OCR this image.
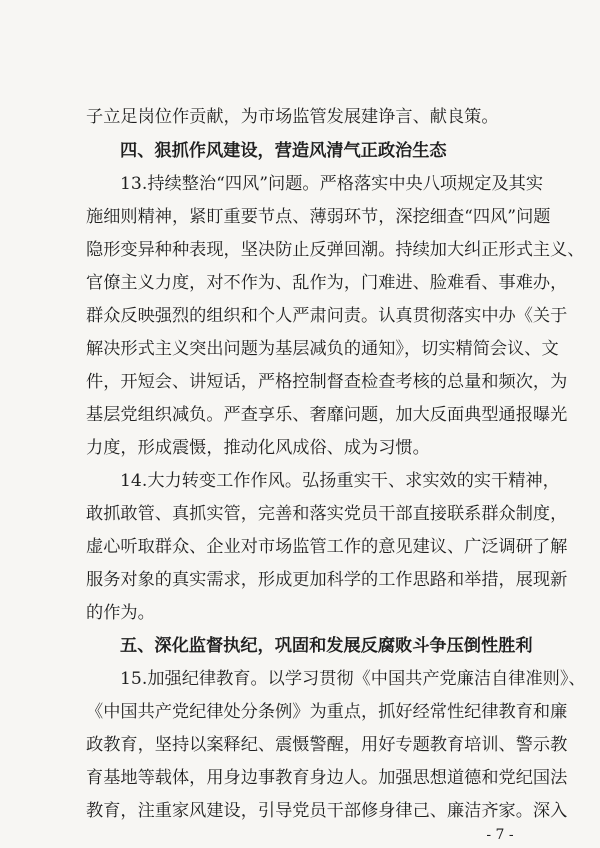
子立足岗位作贡献，为市场监管发展建诤言、献良策。
四、狠抓作风建设，营造风清气正政治生态
13.持续整治“四风”问题。严格落实中央八项规定及其实
施细则精神，紧盯重要节点、薄弱环节，深挖细查“四风”问题
隐形变异种种表现，坚决防止反弹回潮。持续加大纠正形式主义、
官僚主义力度，对不作为、乱作为，门难进、脸难看、事难办，
群众反映强烈的组织和个人严肃问责。认真贯彻落实中办《关于
解决形式主义突出问题为基层减负的通知》，切实精简会议、文
件，开短会、讲短话，严格控制督查检查考核的总量和频次，为
基层党组织减负。严查享乐、奢靡问题，加大反面典型通报曝光
力度，形成震慑，推动化风成俗、成为习惯。
14.大力转变工作作风。弘扬重实干、求实效的实干精神，
敢抓敢管、真抓实管，完善和落实党员干部直接联系群众制度，
虚心听取群众、企业对市场监管工作的意见建议、广泛调研了解
服务对象的真实需求，形成更加科学的工作思路和举措，展现新
的作为。
五、深化监督执纪，巩固和发展反腐败斗争压倒性胜利
15.加强纪律教育。以学习贯彻《中国共产党廉洁自律准则》、
《中国共产党纪律处分条例》为重点，抓好经常性纪律教育和廉
政教育，坚持以案释纪、震慑警醒，用好专题教育培训、警示教
育基地等载体，用身边事教育身边人。加强思想道德和党纪国法
- 7 -
教育，注重家风建设，引导党员干部修身律己、廉洁齐家。深入
